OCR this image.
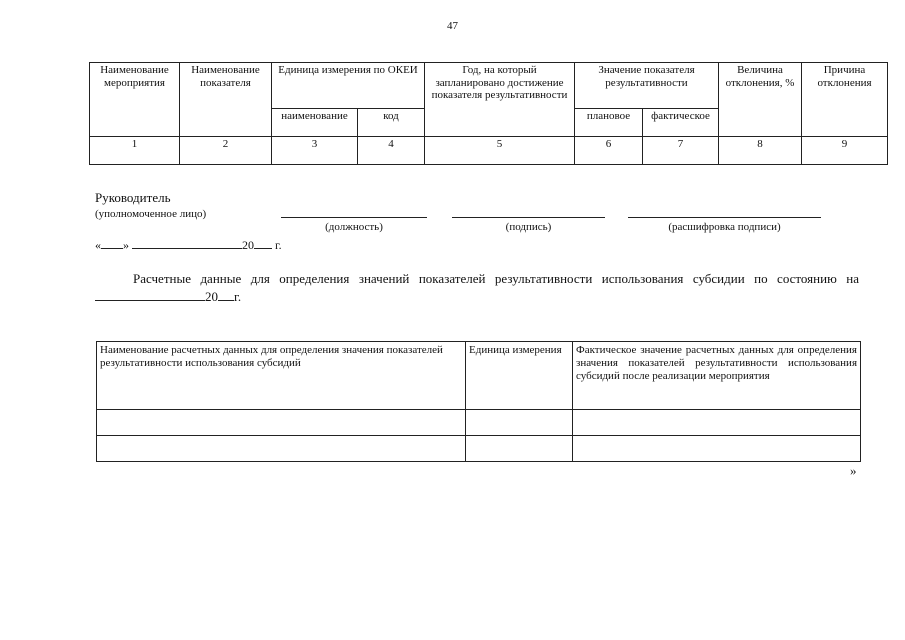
47
Наименование мероприятия	Наименование показателя	Единица измерения по ОКЕИ		Год, на который запланировано достижение показателя результативности	Значение показателя результативности		Величина отклонения, %	Причина отклонения
		наименование	код		плановое	фактическое		
1	2	3	4	5	6	7	8	9
Руководитель
(уполномоченное лицо)
(должность)	(подпись)	(расшифровка подписи)
« »	20 г.
Расчетные данные для определения значений показателей результативности использования субсидии по состоянию на20 г.
Наименование расчетных данных для определения значения показателей результативности использования субсидий	Единица измерения	Фактическое значение расчетных данных для определения значения показателей результативности использования субсидий после реализации мероприятия

»
